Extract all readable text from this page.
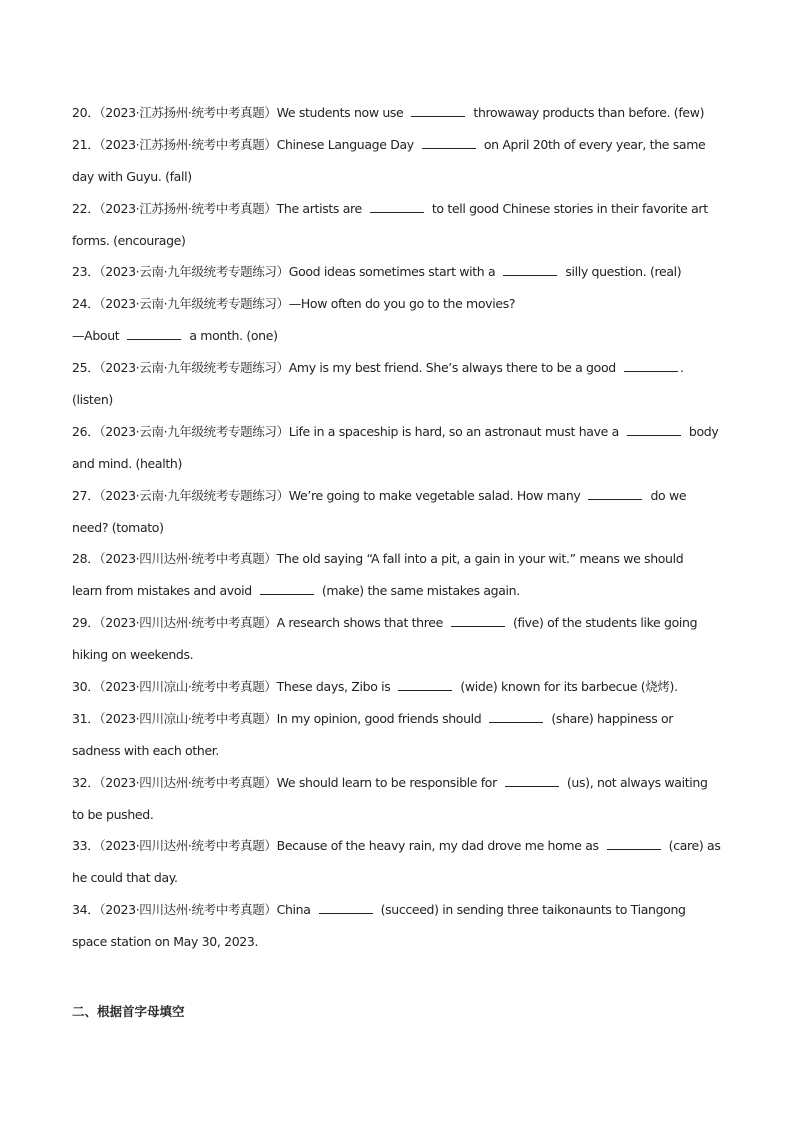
20．（2023·江苏扬州·统考中考真题）We students now use	throwaway products than before. (few)
21．（2023·江苏扬州·统考中考真题）Chinese Language Day	on April 20th of every year, the same
day with Guyu. (fall)
22．（2023·江苏扬州·统考中考真题）The artists are	to tell good Chinese stories in their favorite art
forms. (encourage)
23．（2023·云南·九年级统考专题练习）Good ideas sometimes start with a	silly question. (real)
24．（2023·云南·九年级统考专题练习）—How often do you go to the movies?
—About	a month. (one)
25．（2023·云南·九年级统考专题练习）Amy is my best friend. She’s always there to be a good	.
(listen)
26．（2023·云南·九年级统考专题练习）Life in a spaceship is hard, so an astronaut must have a	body
and mind. (health)
27．（2023·云南·九年级统考专题练习）We’re going to make vegetable salad. How many	do we
need? (tomato)
28．（2023·四川达州·统考中考真题）The old saying “A fall into a pit, a gain in your wit.” means we should
learn from mistakes and avoid	(make) the same mistakes again.
29．（2023·四川达州·统考中考真题）A research shows that three	(five) of the students like going
hiking on weekends.
30．（2023·四川凉山·统考中考真题）These days, Zibo is	(wide) known for its barbecue (烧烤).
31．（2023·四川凉山·统考中考真题）In my opinion, good friends should	(share) happiness or
sadness with each other.
32．（2023·四川达州·统考中考真题）We should learn to be responsible for	(us), not always waiting
to be pushed.
33．（2023·四川达州·统考中考真题）Because of the heavy rain, my dad drove me home as	(care) as
he could that day.
34．（2023·四川达州·统考中考真题）China	(succeed) in sending three taikonaunts to Tiangong
space station on May 30, 2023.
二、根据首字母填空
